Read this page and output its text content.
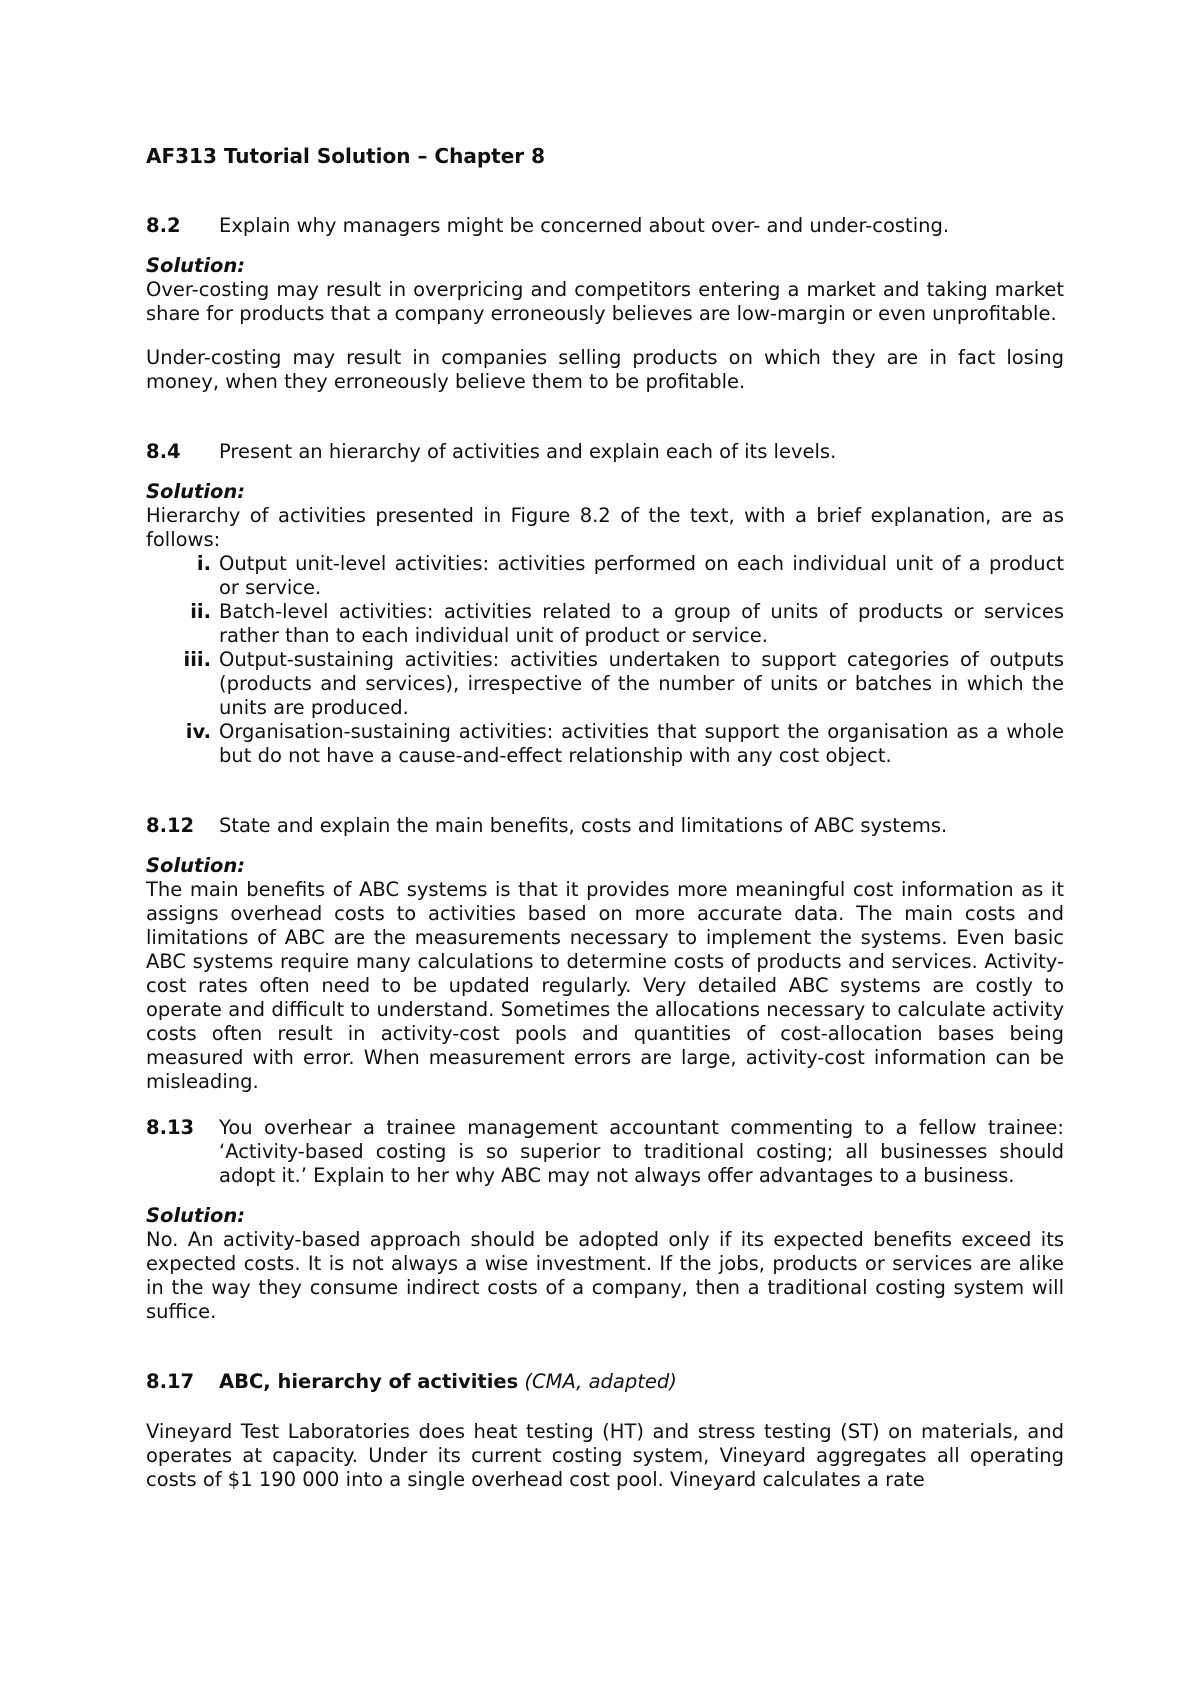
AF313 Tutorial Solution – Chapter 8
8.2	Explain why managers might be concerned about over- and under-costing.
Solution:

Over-costing may result in overpricing and competitors entering a market and taking market share for products that a company erroneously believes are low-margin or even unprofitable.

Under-costing may result in companies selling products on which they are in fact losing money, when they erroneously believe them to be profitable.

8.4	Present an hierarchy of activities and explain each of its levels.
Solution:

Hierarchy of activities presented in Figure 8.2 of the text, with a brief explanation, are as follows:

i. Output unit-level activities: activities performed on each individual unit of a product or service.
ii. Batch-level activities: activities related to a group of units of products or services rather than to each individual unit of product or service.
iii. Output-sustaining activities: activities undertaken to support categories of outputs (products and services), irrespective of the number of units or batches in which the units are produced.
iv. Organisation-sustaining activities: activities that support the organisation as a whole but do not have a cause-and-effect relationship with any cost object.
8.12	State and explain the main benefits, costs and limitations of ABC systems.
Solution:

The main benefits of ABC systems is that it provides more meaningful cost information as it assigns overhead costs to activities based on more accurate data. The main costs and limitations of ABC are the measurements necessary to implement the systems. Even basic ABC systems require many calculations to determine costs of products and services. Activity-cost rates often need to be updated regularly. Very detailed ABC systems are costly to operate and difficult to understand. Sometimes the allocations necessary to calculate activity costs often result in activity-cost pools and quantities of cost-allocation bases being measured with error. When measurement errors are large, activity-cost information can be misleading.

8.13	You overhear a trainee management accountant commenting to a fellow trainee: ‘Activity-based costing is so superior to traditional costing; all businesses should adopt it.’ Explain to her why ABC may not always offer advantages to a business.
Solution:

No. An activity-based approach should be adopted only if its expected benefits exceed its expected costs. It is not always a wise investment. If the jobs, products or services are alike in the way they consume indirect costs of a company, then a traditional costing system will suffice.

8.17	ABC, hierarchy of activities (CMA, adapted)

Vineyard Test Laboratories does heat testing (HT) and stress testing (ST) on materials, and operates at capacity. Under its current costing system, Vineyard aggregates all operating costs of $1 190 000 into a single overhead cost pool. Vineyard calculates a rate
